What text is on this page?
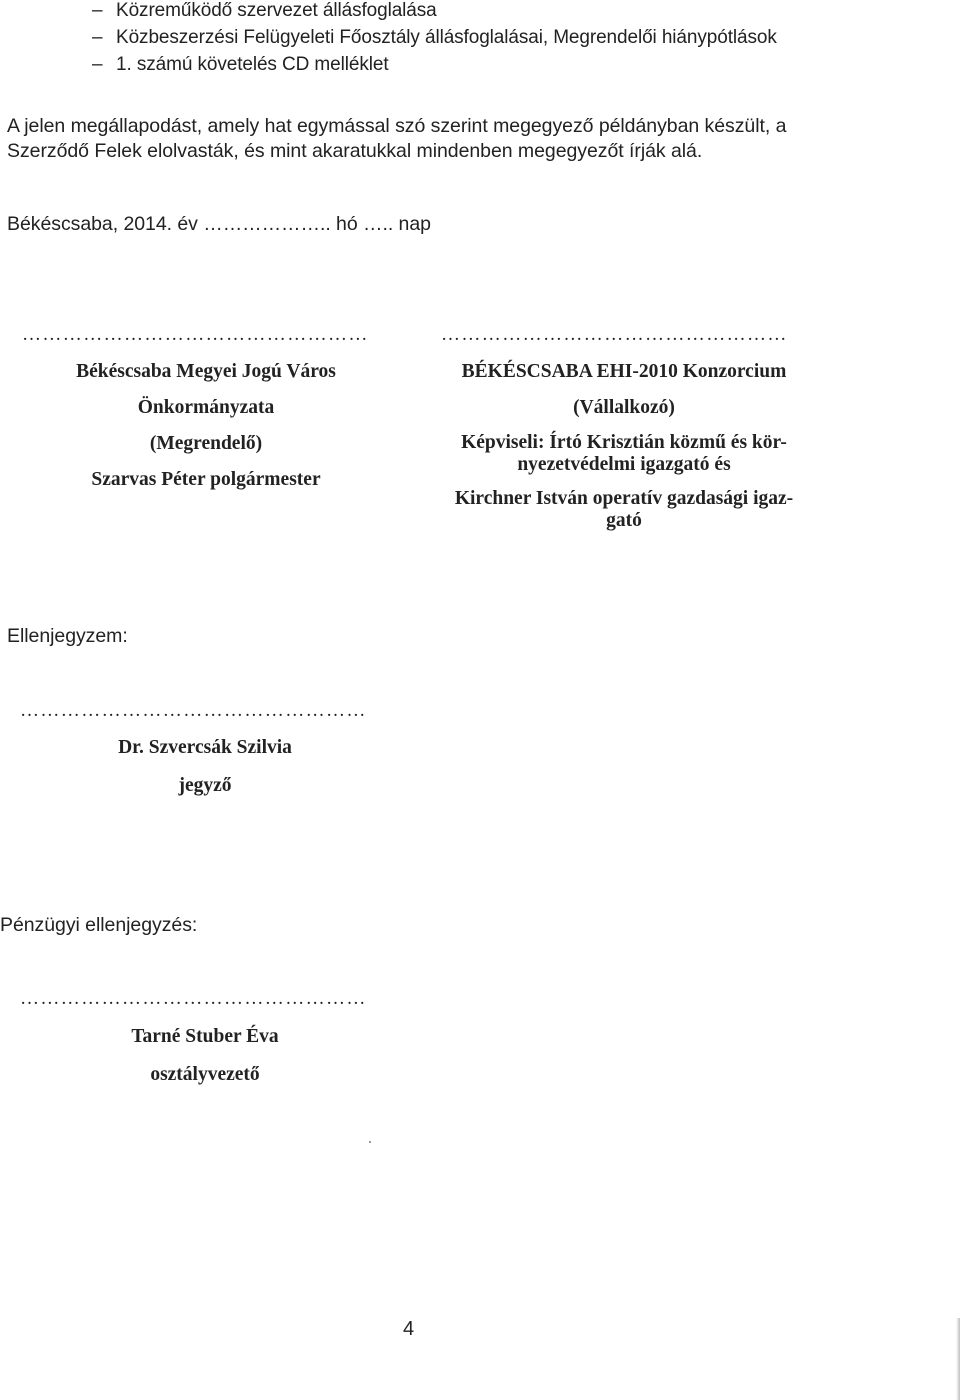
– Közreműködő szervezet állásfoglalása
– Közbeszerzési Felügyeleti Főosztály állásfoglalásai, Megrendelői hiánypótlások
– 1. számú követelés CD melléklet
A jelen megállapodást, amely hat egymással szó szerint megegyező példányban készült, a
Szerződő Felek elolvasták, és mint akaratukkal mindenben megegyezőt írják alá.
Békéscsaba, 2014. év ……………….. hó ….. nap
……………………………………………	……………………………………………
Békéscsaba Megyei Jogú Város
Önkormányzata
(Megrendelő)
Szarvas Péter polgármester
BÉKÉSCSABA EHI-2010 Konzorcium
(Vállalkozó)
Képviseli: Írtó Krisztián közmű és kör-
nyezetvédelmi igazgató és
Kirchner István operatív gazdasági igaz-
gató
Ellenjegyzem:
……………………………………………
Dr. Szvercsák Szilvia
jegyző
Pénzügyi ellenjegyzés:
……………………………………………
Tarné Stuber Éva
osztályvezető
4
